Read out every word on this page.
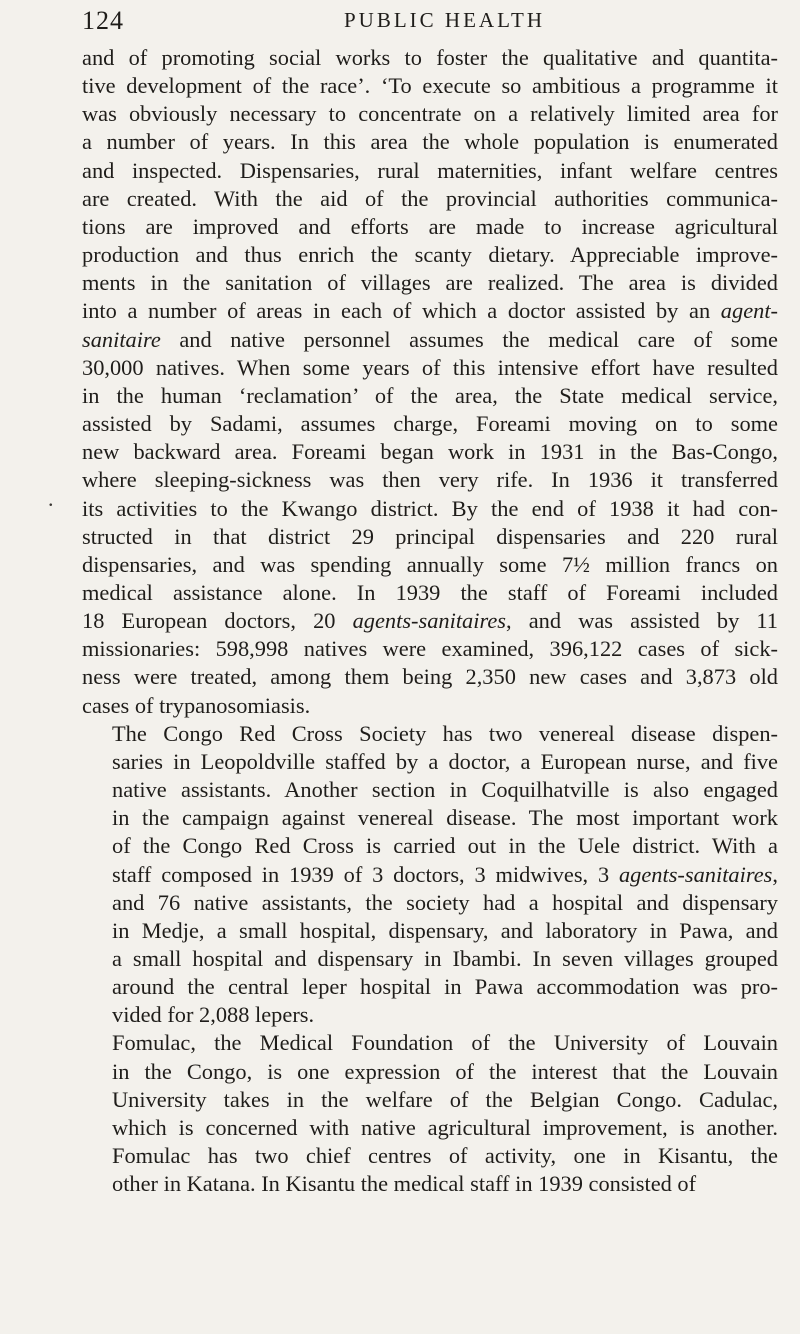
124	PUBLIC HEALTH
.

and of promoting social works to foster the qualitative and quantita-
tive development of the race’. ‘To execute so ambitious a programme it
was obviously necessary to concentrate on a relatively limited area for
a number of years. In this area the whole population is enumerated
and inspected. Dispensaries, rural maternities, infant welfare centres
are created. With the aid of the provincial authorities communica-
tions are improved and efforts are made to increase agricultural
production and thus enrich the scanty dietary. Appreciable improve-
ments in the sanitation of villages are realized. The area is divided
into a number of areas in each of which a doctor assisted by an agent-
sanitaire and native personnel assumes the medical care of some
30,000 natives. When some years of this intensive effort have resulted
in the human ‘reclamation’ of the area, the State medical service,
assisted by Sadami, assumes charge, Foreami moving on to some
new backward area. Foreami began work in 1931 in the Bas-Congo,
where sleeping-sickness was then very rife. In 1936 it transferred
its activities to the Kwango district. By the end of 1938 it had con-
structed in that district 29 principal dispensaries and 220 rural
dispensaries, and was spending annually some 7½ million francs on
medical assistance alone. In 1939 the staff of Foreami included
18 European doctors, 20 agents-sanitaires, and was assisted by 11
missionaries: 598,998 natives were examined, 396,122 cases of sick-
ness were treated, among them being 2,350 new cases and 3,873 old
cases of trypanosomiasis.

The Congo Red Cross Society has two venereal disease dispen-
saries in Leopoldville staffed by a doctor, a European nurse, and five
native assistants. Another section in Coquilhatville is also engaged
in the campaign against venereal disease. The most important work
of the Congo Red Cross is carried out in the Uele district. With a
staff composed in 1939 of 3 doctors, 3 midwives, 3 agents-sanitaires,
and 76 native assistants, the society had a hospital and dispensary
in Medje, a small hospital, dispensary, and laboratory in Pawa, and
a small hospital and dispensary in Ibambi. In seven villages grouped
around the central leper hospital in Pawa accommodation was pro-
vided for 2,088 lepers.

Fomulac, the Medical Foundation of the University of Louvain
in the Congo, is one expression of the interest that the Louvain
University takes in the welfare of the Belgian Congo. Cadulac,
which is concerned with native agricultural improvement, is another.
Fomulac has two chief centres of activity, one in Kisantu, the
other in Katana. In Kisantu the medical staff in 1939 consisted of
